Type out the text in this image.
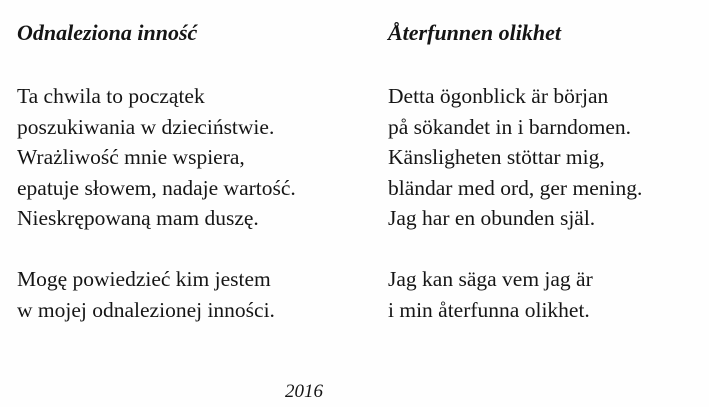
Odnaleziona inność

Ta chwila to początek
poszukiwania w dzieciństwie.
Wrażliwość mnie wspiera,
epatuje słowem, nadaje wartość.
Nieskrępowaną mam duszę.

Mogę powiedzieć kim jestem
w mojej odnalezionej inności.

Återfunnen olikhet

Detta ögonblick är början
på sökandet in i barndomen.
Känsligheten stöttar mig,
bländar med ord, ger mening.
Jag har en obunden själ.

Jag kan säga vem jag är
i min återfunna olikhet.

2016
